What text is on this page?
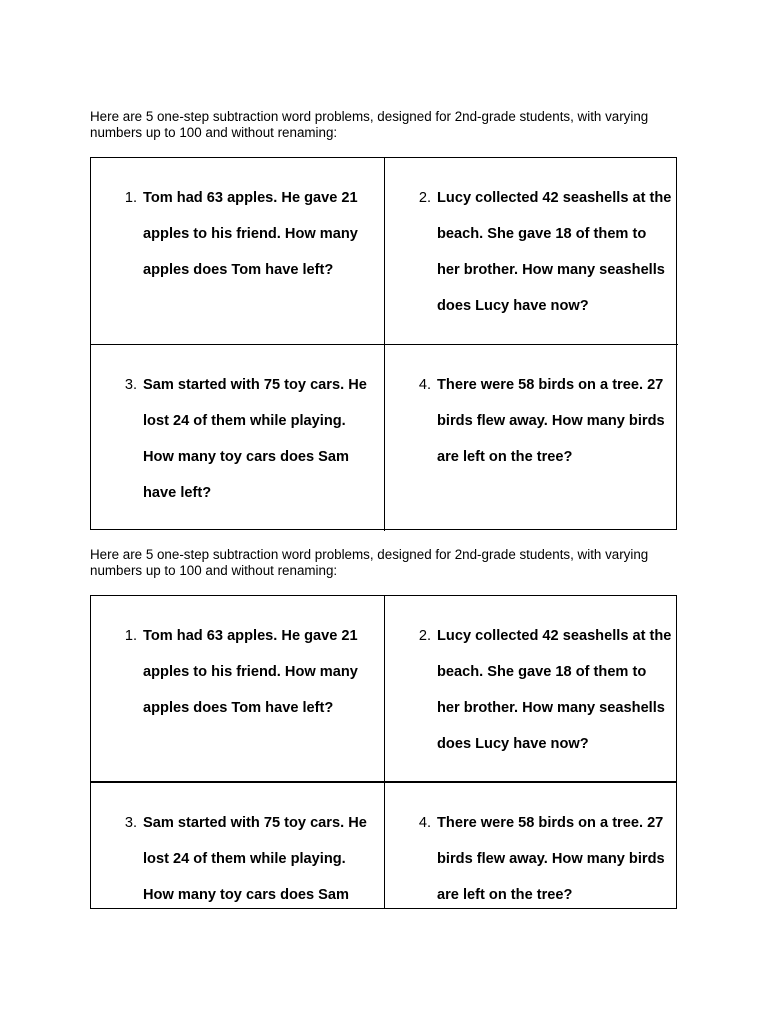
Here are 5 one-step subtraction word problems, designed for 2nd-grade students, with varying numbers up to 100 and without renaming:

1. Tom had 63 apples. He gave 21 apples to his friend. How many apples does Tom have left?

2. Lucy collected 42 seashells at the beach. She gave 18 of them to her brother. How many seashells does Lucy have now?

3. Sam started with 75 toy cars. He lost 24 of them while playing. How many toy cars does Sam have left?

4. There were 58 birds on a tree. 27 birds flew away. How many birds are left on the tree?

Here are 5 one-step subtraction word problems, designed for 2nd-grade students, with varying numbers up to 100 and without renaming:

1. Tom had 63 apples. He gave 21 apples to his friend. How many apples does Tom have left?

2. Lucy collected 42 seashells at the beach. She gave 18 of them to her brother. How many seashells does Lucy have now?

3. Sam started with 75 toy cars. He lost 24 of them while playing. How many toy cars does Sam

4. There were 58 birds on a tree. 27 birds flew away. How many birds are left on the tree?
